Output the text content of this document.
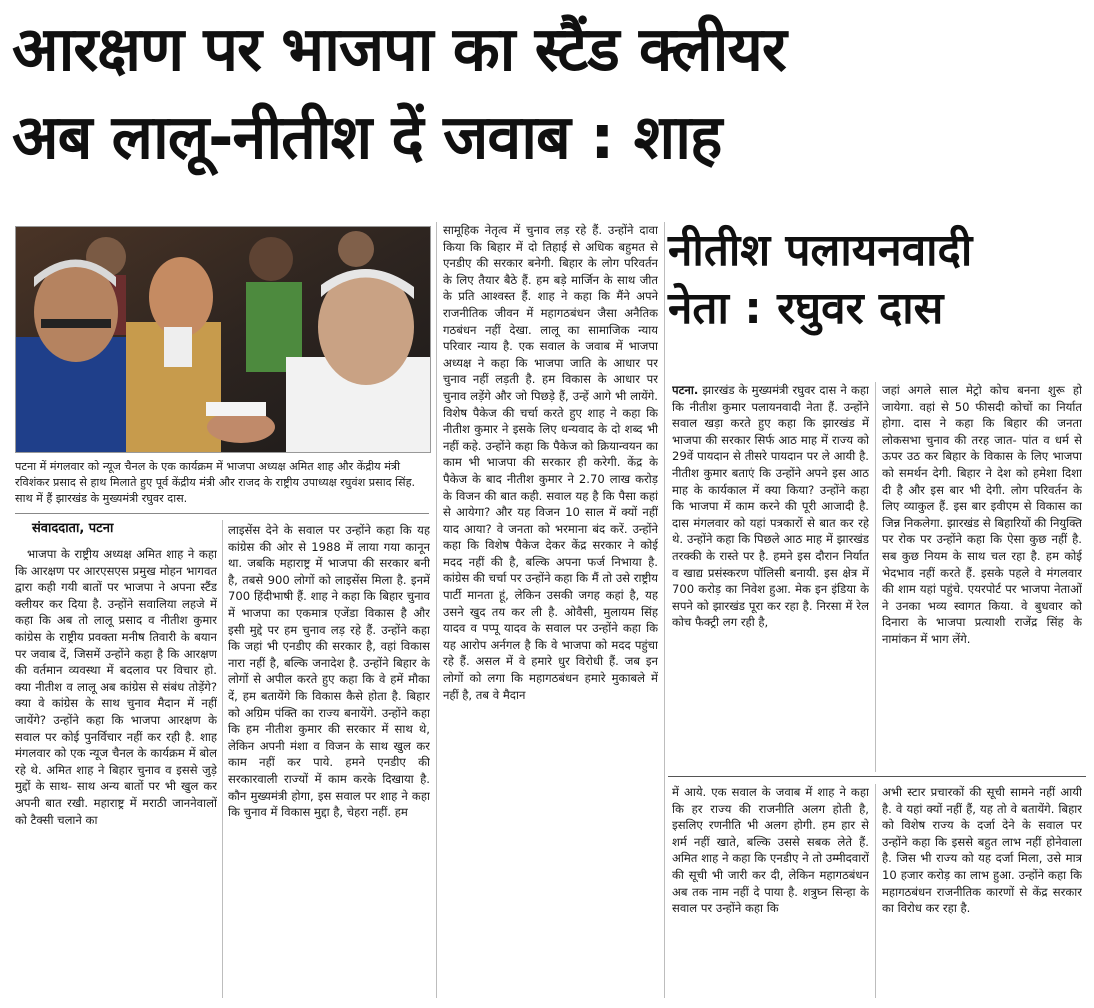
आरक्षण पर भाजपा का स्टैंड क्लीयर
अब लालू-नीतीश दें जवाब : शाह
पटना में मंगलवार को न्यूज चैनल के एक कार्यक्रम में भाजपा अध्यक्ष अमित शाह और केंद्रीय मंत्री रविशंकर प्रसाद से हाथ मिलाते हुए पूर्व केंद्रीय मंत्री और राजद के राष्ट्रीय उपाध्यक्ष रघुवंश प्रसाद सिंह. साथ में हैं झारखंड के मुख्यमंत्री रघुवर दास.
संवाददाता, पटना

भाजपा के राष्ट्रीय अध्यक्ष अमित शाह ने कहा कि आरक्षण पर आरएसएस प्रमुख मोहन भागवत द्वारा कही गयी बातों पर भाजपा ने अपना स्टैंड क्लीयर कर दिया है. उन्होंने सवालिया लहजे में कहा कि अब तो लालू प्रसाद व नीतीश कुमार कांग्रेस के राष्ट्रीय प्रवक्ता मनीष तिवारी के बयान पर जवाब दें, जिसमें उन्होंने कहा है कि आरक्षण की वर्तमान व्यवस्था में बदलाव पर विचार हो. क्या नीतीश व लालू अब कांग्रेस से संबंध तोड़ेंगे? क्या वे कांग्रेस के साथ चुनाव मैदान में नहीं जायेंगे? उन्होंने कहा कि भाजपा आरक्षण के सवाल पर कोई पुनर्विचार नहीं कर रही है. शाह मंगलवार को एक न्यूज चैनल के कार्यक्रम में बोल रहे थे. अमित शाह ने बिहार चुनाव व इससे जुड़े मुद्दों के साथ- साथ अन्य बातों पर भी खुल कर अपनी बात रखी. महाराष्ट्र में मराठी जाननेवालों को टैक्सी चलाने का

लाइसेंस देने के सवाल पर उन्होंने कहा कि यह कांग्रेस की ओर से 1988 में लाया गया कानून था. जबकि महाराष्ट्र में भाजपा की सरकार बनी है, तबसे 900 लोगों को लाइसेंस मिला है. इनमें 700 हिंदीभाषी हैं. शाह ने कहा कि बिहार चुनाव में भाजपा का एकमात्र एजेंडा विकास है और इसी मुद्दे पर हम चुनाव लड़ रहे हैं. उन्होंने कहा कि जहां भी एनडीए की सरकार है, वहां विकास नारा नहीं है, बल्कि जनादेश है. उन्होंने बिहार के लोगों से अपील करते हुए कहा कि वे हमें मौका दें, हम बतायेंगे कि विकास कैसे होता है. बिहार को अग्रिम पंक्ति का राज्य बनायेंगे. उन्होंने कहा कि हम नीतीश कुमार की सरकार में साथ थे, लेकिन अपनी मंशा व विजन के साथ खुल कर काम नहीं कर पाये. हमने एनडीए की सरकारवाली राज्यों में काम करके दिखाया है. कौन मुख्यमंत्री होगा, इस सवाल पर शाह ने कहा कि चुनाव में विकास मुद्दा है, चेहरा नहीं. हम

सामूहिक नेतृत्व में चुनाव लड़ रहे हैं. उन्होंने दावा किया कि बिहार में दो तिहाई से अधिक बहुमत से एनडीए की सरकार बनेगी. बिहार के लोग परिवर्तन के लिए तैयार बैठे हैं. हम बड़े मार्जिन के साथ जीत के प्रति आश्वस्त हैं. शाह ने कहा कि मैंने अपने राजनीतिक जीवन में महागठबंधन जैसा अनैतिक गठबंधन नहीं देखा. लालू का सामाजिक न्याय परिवार न्याय है. एक सवाल के जवाब में भाजपा अध्यक्ष ने कहा कि भाजपा जाति के आधार पर चुनाव नहीं लड़ती है. हम विकास के आधार पर चुनाव लड़ेंगे और जो पिछड़े हैं, उन्हें आगे भी लायेंगे. विशेष पैकेज की चर्चा करते हुए शाह ने कहा कि नीतीश कुमार ने इसके लिए धन्यवाद के दो शब्द भी नहीं कहे. उन्होंने कहा कि पैकेज को क्रियान्वयन का काम भी भाजपा की सरकार ही करेगी. केंद्र के पैकेज के बाद नीतीश कुमार ने 2.70 लाख करोड़ के विजन की बात कही. सवाल यह है कि पैसा कहां से आयेगा? और यह विजन 10 साल में क्यों नहीं याद आया? वे जनता को भरमाना बंद करें. उन्होंने कहा कि विशेष पैकेज देकर केंद्र सरकार ने कोई मदद नहीं की है, बल्कि अपना फर्ज निभाया है. कांग्रेस की चर्चा पर उन्होंने कहा कि मैं तो उसे राष्ट्रीय पार्टी मानता हूं, लेकिन उसकी जगह कहां है, यह उसने खुद तय कर ली है. ओवैसी, मुलायम सिंह यादव व पप्पू यादव के सवाल पर उन्होंने कहा कि यह आरोप अर्नगल है कि वे भाजपा को मदद पहुंचा रहे हैं. असल में वे हमारे धुर विरोधी हैं. जब इन लोगों को लगा कि महागठबंधन हमारे मुकाबले में नहीं है, तब वे मैदान

नीतीश पलायनवादी
नेता : रघुवर दास

पटना. झारखंड के मुख्यमंत्री रघुवर दास ने कहा कि नीतीश कुमार पलायनवादी नेता हैं. उन्होंने सवाल खड़ा करते हुए कहा कि झारखंड में भाजपा की सरकार सिर्फ आठ माह में राज्य को 29वें पायदान से तीसरे पायदान पर ले आयी है. नीतीश कुमार बताएं कि उन्होंने अपने इस आठ माह के कार्यकाल में क्या किया? उन्होंने कहा कि भाजपा में काम करने की पूरी आजादी है. दास मंगलवार को यहां पत्रकारों से बात कर रहे थे. उन्होंने कहा कि पिछले आठ माह में झारखंड तरक्की के रास्ते पर है. हमने इस दौरान निर्यात व खाद्य प्रसंस्करण पॉलिसी बनायी. इस क्षेत्र में 700 करोड़ का निवेश हुआ. मेक इन इंडिया के सपने को झारखंड पूरा कर रहा है. निरसा में रेल कोच फैक्ट्री लग रही है,

जहां अगले साल मेट्रो कोच बनना शुरू हो जायेगा. वहां से 50 फीसदी कोचों का निर्यात होगा. दास ने कहा कि बिहार की जनता लोकसभा चुनाव की तरह जात- पांत व धर्म से ऊपर उठ कर बिहार के विकास के लिए भाजपा को समर्थन देगी. बिहार ने देश को हमेशा दिशा दी है और इस बार भी देगी. लोग परिवर्तन के लिए व्याकुल हैं. इस बार इवीएम से विकास का जिन्न निकलेगा. झारखंड से बिहारियों की नियुक्ति पर रोक पर उन्होंने कहा कि ऐसा कुछ नहीं है. सब कुछ नियम के साथ चल रहा है. हम कोई भेदभाव नहीं करते हैं. इसके पहले वे मंगलवार की शाम यहां पहुंचे. एयरपोर्ट पर भाजपा नेताओं ने उनका भव्य स्वागत किया. वे बुधवार को दिनारा के भाजपा प्रत्याशी राजेंद्र सिंह के नामांकन में भाग लेंगे.

में आये. एक सवाल के जवाब में शाह ने कहा कि हर राज्य की राजनीति अलग होती है, इसलिए रणनीति भी अलग होगी. हम हार से शर्म नहीं खाते, बल्कि उससे सबक लेते हैं. अमित शाह ने कहा कि एनडीए ने तो उम्मीदवारों की सूची भी जारी कर दी, लेकिन महागठबंधन अब तक नाम नहीं दे पाया है. शत्रुघ्न सिन्हा के सवाल पर उन्होंने कहा कि

अभी स्टार प्रचारकों की सूची सामने नहीं आयी है. वे यहां क्यों नहीं हैं, यह तो वे बतायेंगे. बिहार को विशेष राज्य के दर्जा देने के सवाल पर उन्होंने कहा कि इससे बहुत लाभ नहीं होनेवाला है. जिस भी राज्य को यह दर्जा मिला, उसे मात्र 10 हजार करोड़ का लाभ हुआ. उन्होंने कहा कि महागठबंधन राजनीतिक कारणों से केंद्र सरकार का विरोध कर रहा है.
